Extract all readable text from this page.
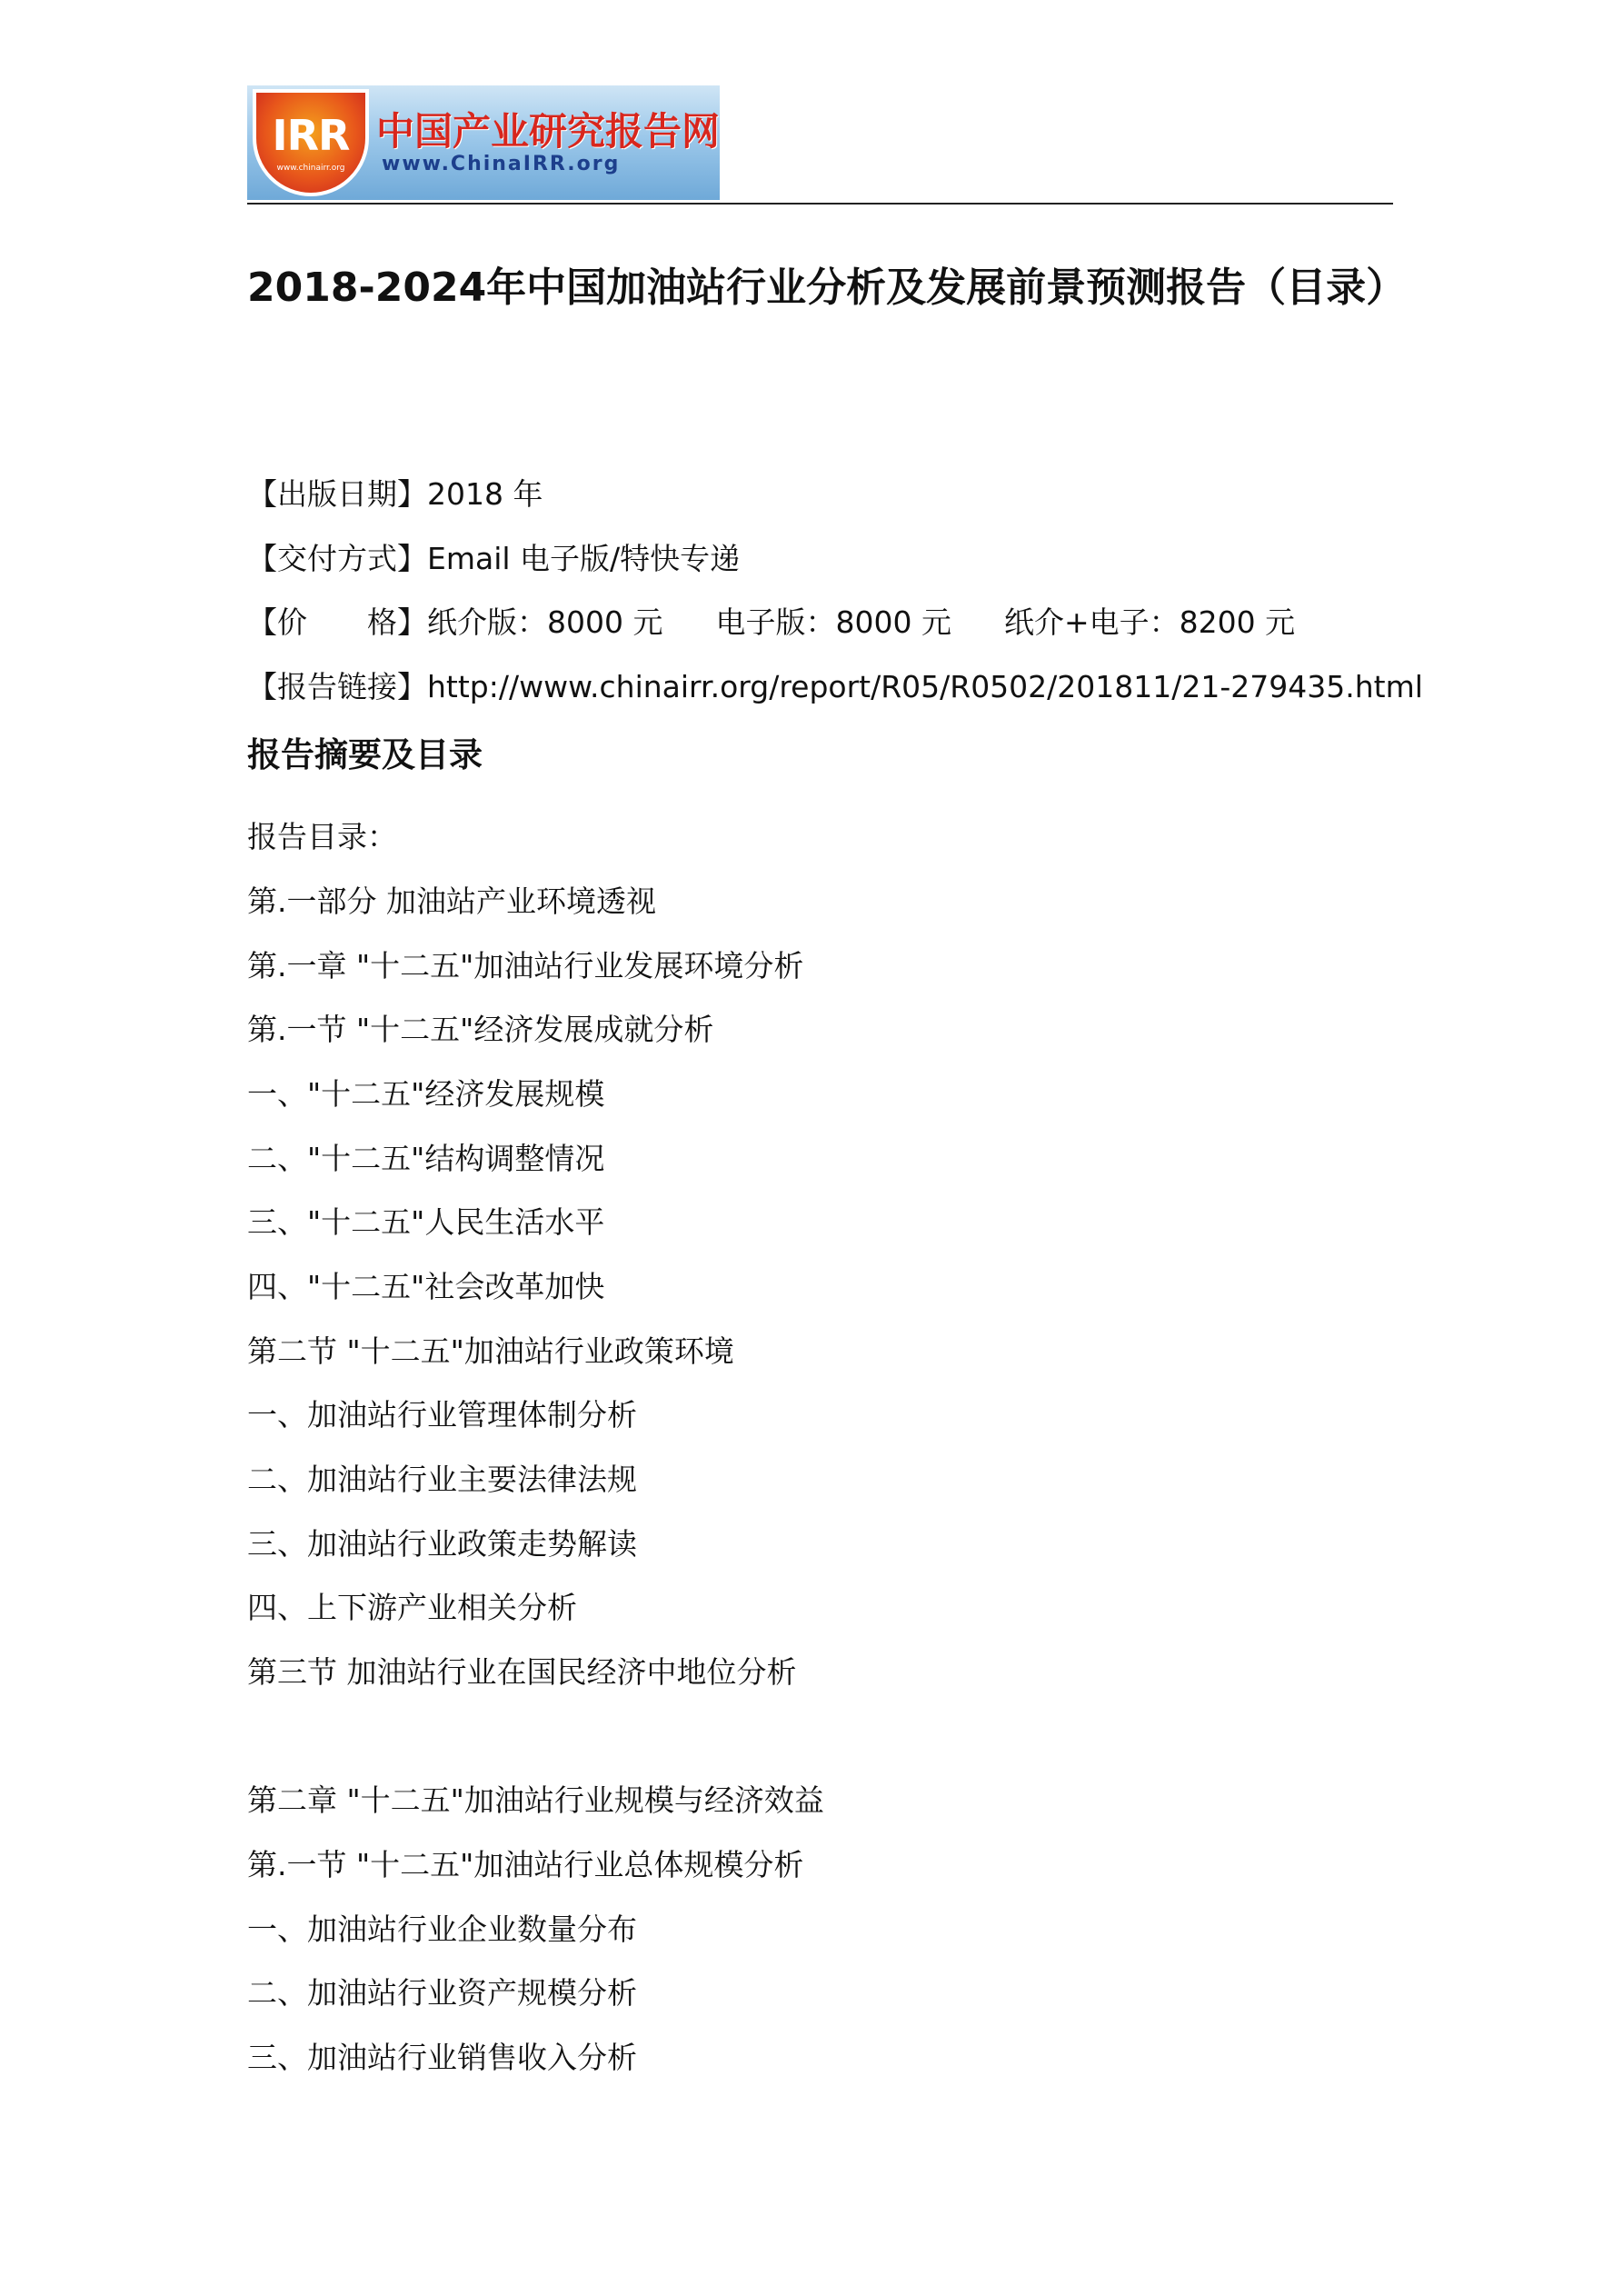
IRR
www.chinairr.org
中国产业研究报告网
www.ChinaIRR.org
2018-2024年中国加油站行业分析及发展前景预测报告（目录）

【出版日期】2018 年

【交付方式】Email 电子版/特快专递

【价　　格】纸介版：8000 元 电子版：8000 元 纸介+电子：8200 元

【报告链接】http://www.chinairr.org/report/R05/R0502/201811/21-279435.html

报告摘要及目录

报告目录：

第.一部分 加油站产业环境透视

第.一章 "十二五"加油站行业发展环境分析

第.一节 "十二五"经济发展成就分析

一、"十二五"经济发展规模

二、"十二五"结构调整情况

三、"十二五"人民生活水平

四、"十二五"社会改革加快

第二节 "十二五"加油站行业政策环境

一、加油站行业管理体制分析

二、加油站行业主要法律法规

三、加油站行业政策走势解读

四、上下游产业相关分析

第三节 加油站行业在国民经济中地位分析

第二章 "十二五"加油站行业规模与经济效益

第.一节 "十二五"加油站行业总体规模分析

一、加油站行业企业数量分布

二、加油站行业资产规模分析

三、加油站行业销售收入分析
